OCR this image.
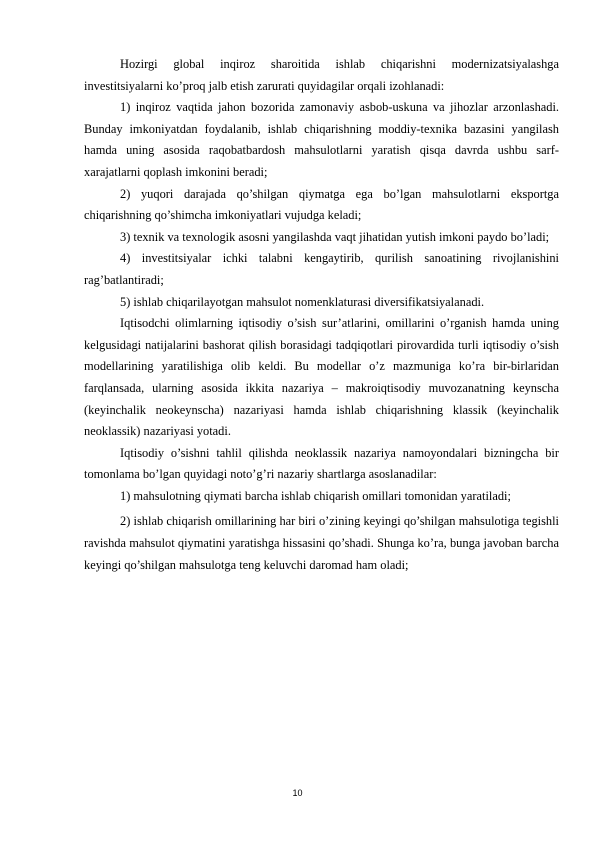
Hozirgi global inqiroz sharoitida ishlab chiqarishni modernizatsiyalashga investitsiyalarni ko’proq jalb etish zarurati quyidagilar orqali izohlanadi:

1) inqiroz vaqtida jahon bozorida zamonaviy asbob-uskuna va jihozlar arzonlashadi. Bunday imkoniyatdan foydalanib, ishlab chiqarishning moddiy-texnika bazasini yangilash hamda uning asosida raqobatbardosh mahsulotlarni yaratish qisqa davrda ushbu sarf-xarajatlarni qoplash imkonini beradi;

2) yuqori darajada qo’shilgan qiymatga ega bo’lgan mahsulotlarni eksportga chiqarishning qo’shimcha imkoniyatlari vujudga keladi;

3) texnik va texnologik asosni yangilashda vaqt jihatidan yutish imkoni paydo bo’ladi;

4) investitsiyalar ichki talabni kengaytirib, qurilish sanoatining rivojlanishini rag’batlantiradi;

5) ishlab chiqarilayotgan mahsulot nomenklaturasi diversifikatsiyalanadi.

Iqtisodchi olimlarning iqtisodiy o’sish sur’atlarini, omillarini o’rganish hamda uning kelgusidagi natijalarini bashorat qilish borasidagi tadqiqotlari pirovardida turli iqtisodiy o’sish modellarining yaratilishiga olib keldi. Bu modellar o’z mazmuniga ko’ra bir-birlaridan farqlansada, ularning asosida ikkita nazariya – makroiqtisodiy muvozanatning keynscha (keyinchalik neokeynscha) nazariyasi hamda ishlab chiqarishning klassik (keyinchalik neoklassik) nazariyasi yotadi.

Iqtisodiy o’sishni tahlil qilishda neoklassik nazariya namoyondalari bizningcha bir tomonlama bo’lgan quyidagi noto’g’ri nazariy shartlarga asoslanadilar:

1) mahsulotning qiymati barcha ishlab chiqarish omillari tomonidan yaratiladi;

2) ishlab chiqarish omillarining har biri o’zining keyingi qo’shilgan mahsulotiga tegishli ravishda mahsulot qiymatini yaratishga hissasini qo’shadi. Shunga ko’ra, bunga javoban barcha keyingi qo’shilgan mahsulotga teng keluvchi daromad ham oladi;

10
